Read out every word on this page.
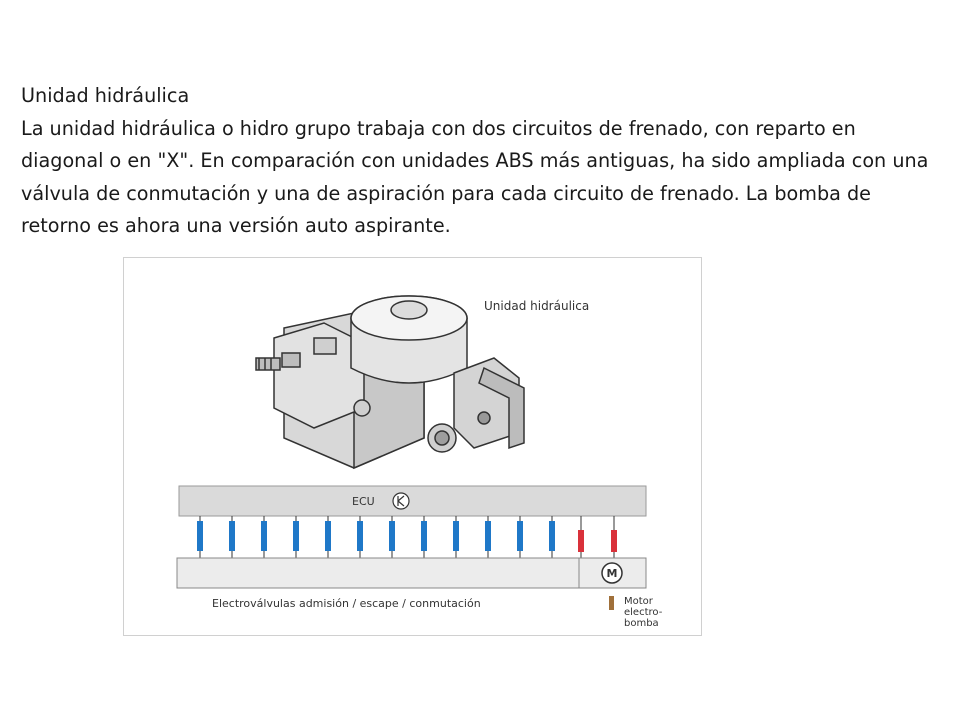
Unidad hidráulica

La unidad hidráulica o hidro grupo trabaja con dos circuitos de frenado, con reparto en diagonal o en "X". En comparación con unidades ABS más antiguas, ha sido ampliada con una válvula de conmutación y una de aspiración para cada circuito de frenado. La bomba de retorno es ahora una versión auto aspirante.

Unidad hidráulica
ECU
M
Electroválvulas admisión / escape / conmutación	Motor electro- bomba
